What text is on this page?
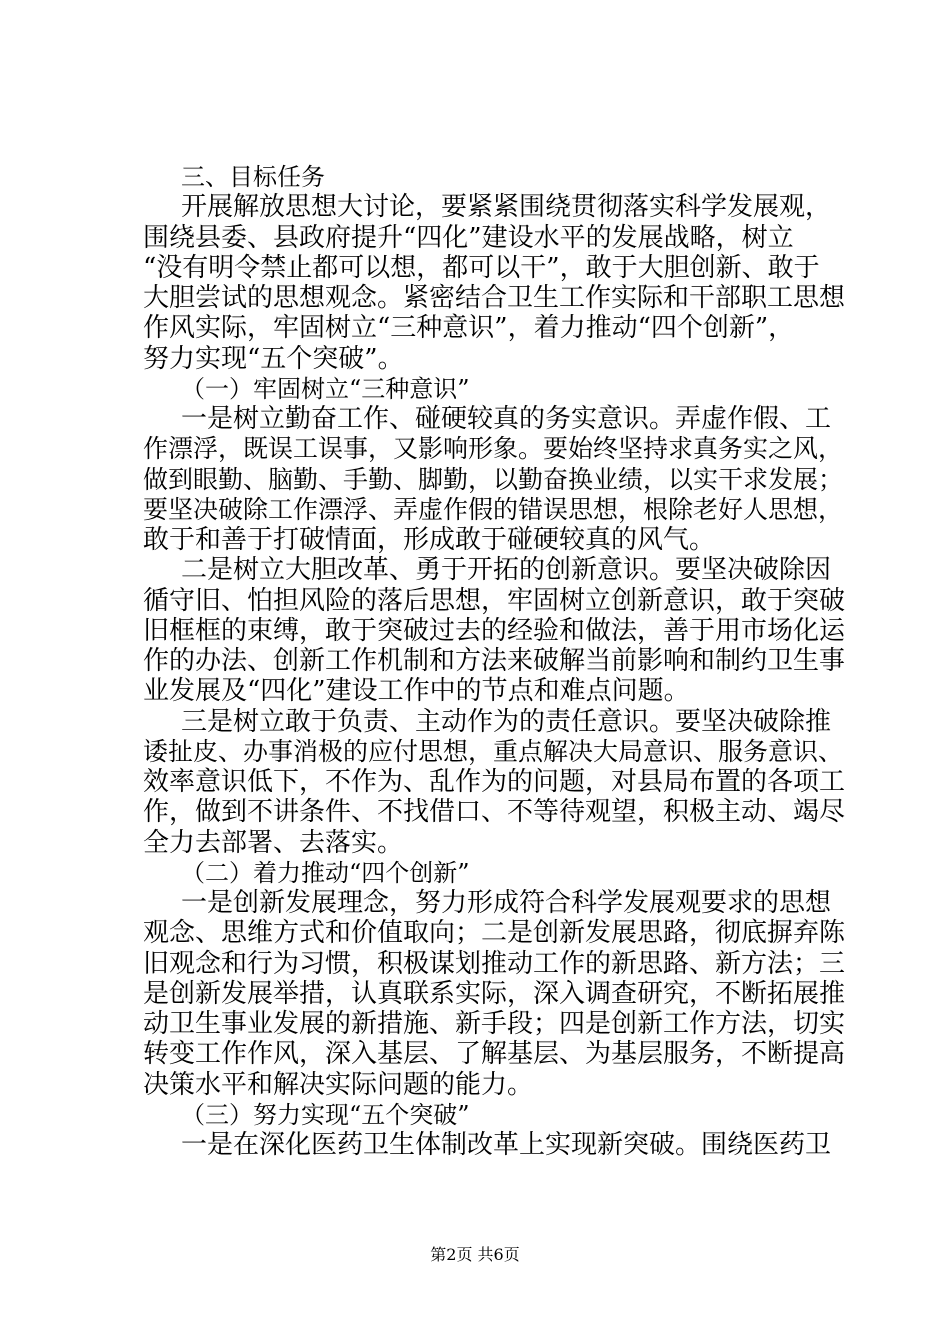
三、目标任务
开展解放思想大讨论，要紧紧围绕贯彻落实科学发展观，
围绕县委、县政府提升“四化”建设水平的发展战略，树立
“没有明令禁止都可以想，都可以干”，敢于大胆创新、敢于
大胆尝试的思想观念。紧密结合卫生工作实际和干部职工思想
作风实际，牢固树立“三种意识”，着力推动“四个创新”，
努力实现“五个突破”。
（一）牢固树立“三种意识”
一是树立勤奋工作、碰硬较真的务实意识。弄虚作假、工
作漂浮，既误工误事，又影响形象。要始终坚持求真务实之风，
做到眼勤、脑勤、手勤、脚勤，以勤奋换业绩，以实干求发展；
要坚决破除工作漂浮、弄虚作假的错误思想，根除老好人思想，
敢于和善于打破情面，形成敢于碰硬较真的风气。
二是树立大胆改革、勇于开拓的创新意识。要坚决破除因
循守旧、怕担风险的落后思想，牢固树立创新意识，敢于突破
旧框框的束缚，敢于突破过去的经验和做法，善于用市场化运
作的办法、创新工作机制和方法来破解当前影响和制约卫生事
业发展及“四化”建设工作中的节点和难点问题。
三是树立敢于负责、主动作为的责任意识。要坚决破除推
诿扯皮、办事消极的应付思想，重点解决大局意识、服务意识、
效率意识低下，不作为、乱作为的问题，对县局布置的各项工
作，做到不讲条件、不找借口、不等待观望，积极主动、竭尽
全力去部署、去落实。
（二）着力推动“四个创新”
一是创新发展理念，努力形成符合科学发展观要求的思想
观念、思维方式和价值取向；二是创新发展思路，彻底摒弃陈
旧观念和行为习惯，积极谋划推动工作的新思路、新方法；三
是创新发展举措，认真联系实际，深入调查研究，不断拓展推
动卫生事业发展的新措施、新手段；四是创新工作方法，切实
转变工作作风，深入基层、了解基层、为基层服务，不断提高
决策水平和解决实际问题的能力。
（三）努力实现“五个突破”
一是在深化医药卫生体制改革上实现新突破。围绕医药卫
第2页 共6页
